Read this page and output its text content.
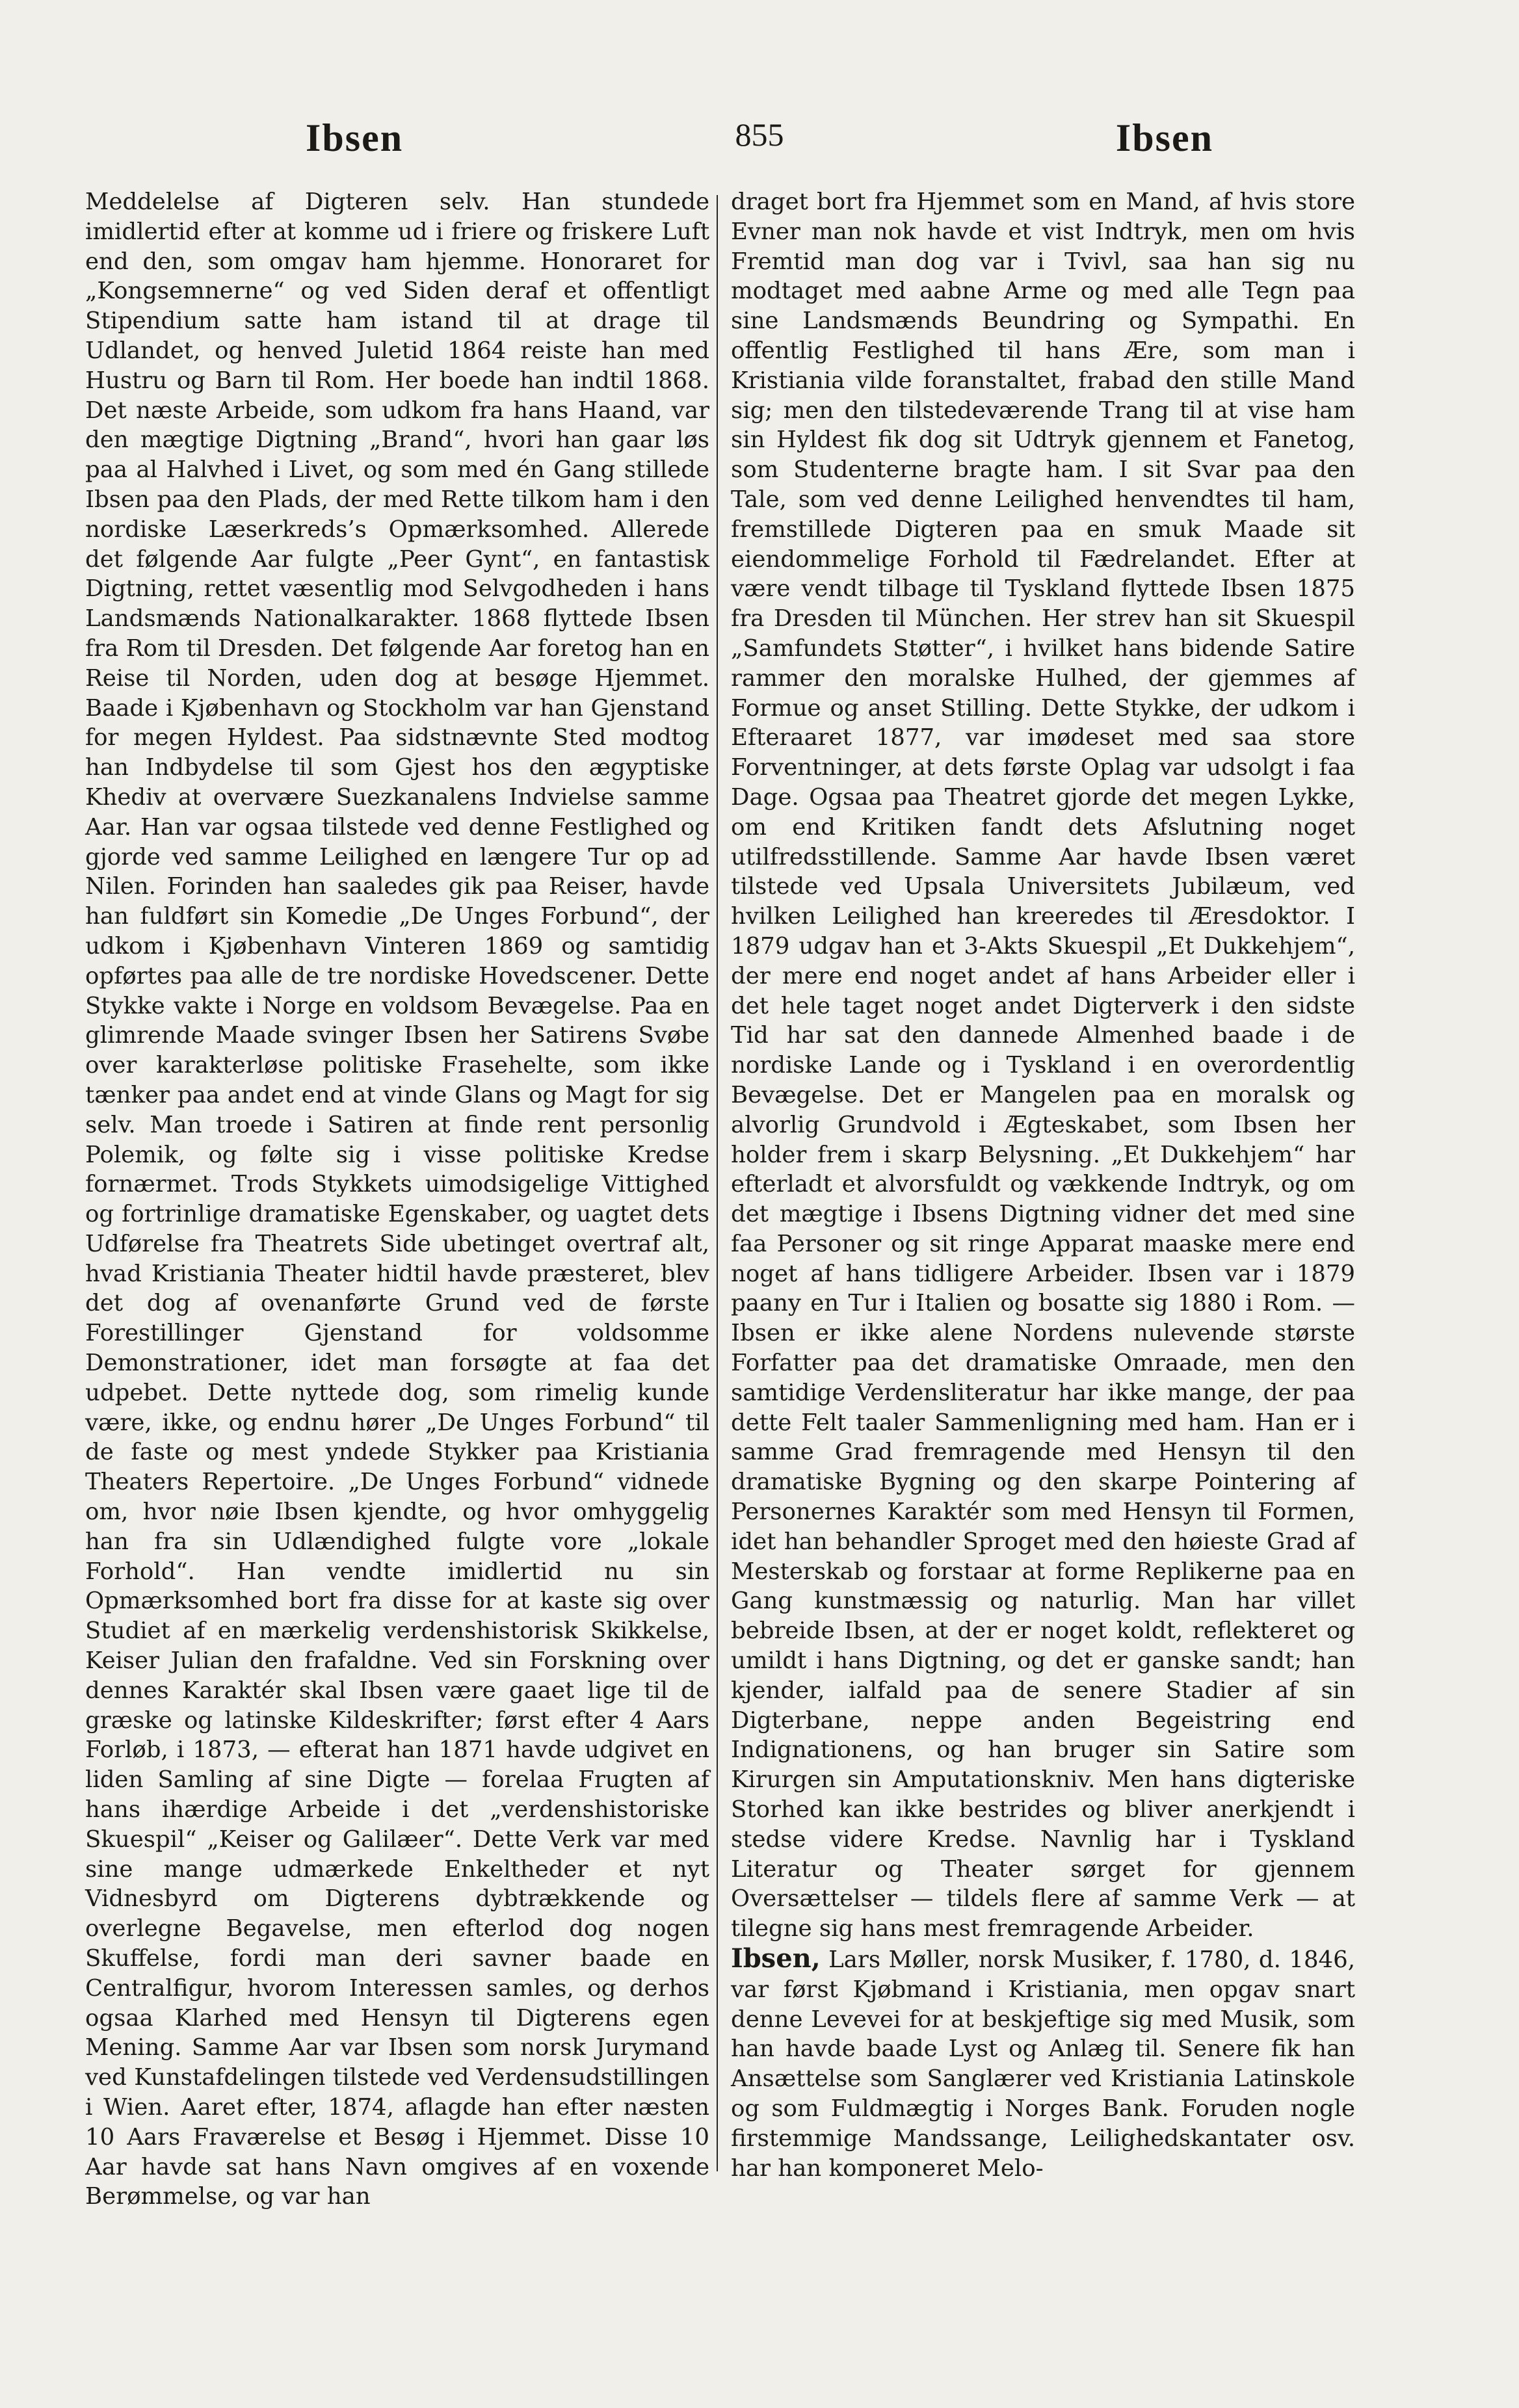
Ibsen	855	Ibsen

Meddelelse af Digteren selv. Han stundede imidlertid efter at komme ud i friere og friskere Luft end den, som omgav ham hjemme. Honoraret for „Kongsemnerne“ og ved Siden deraf et offentligt Stipendium satte ham istand til at drage til Udlandet, og henved Juletid 1864 reiste han med Hustru og Barn til Rom. Her boede han indtil 1868. Det næste Arbeide, som udkom fra hans Haand, var den mægtige Digtning „Brand“, hvori han gaar løs paa al Halvhed i Livet, og som med én Gang stillede Ibsen paa den Plads, der med Rette tilkom ham i den nordiske Læserkreds’s Opmærksomhed. Allerede det følgende Aar fulgte „Peer Gynt“, en fantastisk Digtning, rettet væsentlig mod Selvgodheden i hans Landsmænds Nationalkarakter. 1868 flyttede Ibsen fra Rom til Dresden. Det følgende Aar foretog han en Reise til Norden, uden dog at besøge Hjemmet. Baade i Kjøbenhavn og Stockholm var han Gjenstand for megen Hyldest. Paa sidstnævnte Sted modtog han Indbydelse til som Gjest hos den ægyptiske Khediv at overvære Suezkanalens Indvielse samme Aar. Han var ogsaa tilstede ved denne Festlighed og gjorde ved samme Leilighed en længere Tur op ad Nilen. Forinden han saaledes gik paa Reiser, havde han fuldført sin Komedie „De Unges Forbund“, der udkom i Kjøbenhavn Vinteren 1869 og samtidig opførtes paa alle de tre nordiske Hovedscener. Dette Stykke vakte i Norge en voldsom Bevægelse. Paa en glimrende Maade svinger Ibsen her Satirens Svøbe over karakterløse politiske Frasehelte, som ikke tænker paa andet end at vinde Glans og Magt for sig selv. Man troede i Satiren at finde rent personlig Polemik, og følte sig i visse politiske Kredse fornærmet. Trods Stykkets uimodsigelige Vittighed og fortrinlige dramatiske Egenskaber, og uagtet dets Udførelse fra Theatrets Side ubetinget overtraf alt, hvad Kristiania Theater hidtil havde præsteret, blev det dog af ovenanførte Grund ved de første Forestillinger Gjenstand for voldsomme Demonstrationer, idet man forsøgte at faa det udpebet. Dette nyttede dog, som rimelig kunde være, ikke, og endnu hører „De Unges Forbund“ til de faste og mest yndede Stykker paa Kristiania Theaters Repertoire. „De Unges Forbund“ vidnede om, hvor nøie Ibsen kjendte, og hvor omhyggelig han fra sin Udlændighed fulgte vore „lokale Forhold“. Han vendte imidlertid nu sin Opmærksomhed bort fra disse for at kaste sig over Studiet af en mærkelig verdenshistorisk Skikkelse, Keiser Julian den frafaldne. Ved sin Forskning over dennes Karaktér skal Ibsen være gaaet lige til de græske og latinske Kildeskrifter; først efter 4 Aars Forløb, i 1873, — efterat han 1871 havde udgivet en liden Samling af sine Digte — forelaa Frugten af hans ihærdige Arbeide i det „verdenshistoriske Skuespil“ „Keiser og Galilæer“. Dette Verk var med sine mange udmærkede Enkeltheder et nyt Vidnesbyrd om Digterens dybtrækkende og overlegne Begavelse, men efterlod dog nogen Skuffelse, fordi man deri savner baade en Centralfigur, hvorom Interessen samles, og derhos ogsaa Klarhed med Hensyn til Digterens egen Mening. Samme Aar var Ibsen som norsk Jurymand ved Kunstafdelingen tilstede ved Verdensudstillingen i Wien. Aaret efter, 1874, aflagde han efter næsten 10 Aars Fraværelse et Besøg i Hjemmet. Disse 10 Aar havde sat hans Navn omgives af en voxende Berømmelse, og var han

draget bort fra Hjemmet som en Mand, af hvis store Evner man nok havde et vist Indtryk, men om hvis Fremtid man dog var i Tvivl, saa han sig nu modtaget med aabne Arme og med alle Tegn paa sine Landsmænds Beundring og Sympathi. En offentlig Festlighed til hans Ære, som man i Kristiania vilde foranstaltet, frabad den stille Mand sig; men den tilstedeværende Trang til at vise ham sin Hyldest fik dog sit Udtryk gjennem et Fanetog, som Studenterne bragte ham. I sit Svar paa den Tale, som ved denne Leilighed henvendtes til ham, fremstillede Digteren paa en smuk Maade sit eiendommelige Forhold til Fædrelandet. Efter at være vendt tilbage til Tyskland flyttede Ibsen 1875 fra Dresden til München. Her strev han sit Skuespil „Samfundets Støtter“, i hvilket hans bidende Satire rammer den moralske Hulhed, der gjemmes af Formue og anset Stilling. Dette Stykke, der udkom i Efteraaret 1877, var imødeset med saa store Forventninger, at dets første Oplag var udsolgt i faa Dage. Ogsaa paa Theatret gjorde det megen Lykke, om end Kritiken fandt dets Afslutning noget utilfredsstillende. Samme Aar havde Ibsen været tilstede ved Upsala Universitets Jubilæum, ved hvilken Leilighed han kreeredes til Æresdoktor. I 1879 udgav han et 3-Akts Skuespil „Et Dukkehjem“, der mere end noget andet af hans Arbeider eller i det hele taget noget andet Digterverk i den sidste Tid har sat den dannede Almenhed baade i de nordiske Lande og i Tyskland i en overordentlig Bevægelse. Det er Mangelen paa en moralsk og alvorlig Grundvold i Ægteskabet, som Ibsen her holder frem i skarp Belysning. „Et Dukkehjem“ har efterladt et alvorsfuldt og vækkende Indtryk, og om det mægtige i Ibsens Digtning vidner det med sine faa Personer og sit ringe Apparat maaske mere end noget af hans tidligere Arbeider. Ibsen var i 1879 paany en Tur i Italien og bosatte sig 1880 i Rom. — Ibsen er ikke alene Nordens nulevende største Forfatter paa det dramatiske Omraade, men den samtidige Verdensliteratur har ikke mange, der paa dette Felt taaler Sammenligning med ham. Han er i samme Grad fremragende med Hensyn til den dramatiske Bygning og den skarpe Pointering af Personernes Karaktér som med Hensyn til Formen, idet han behandler Sproget med den høieste Grad af Mesterskab og forstaar at forme Replikerne paa en Gang kunstmæssig og naturlig. Man har villet bebreide Ibsen, at der er noget koldt, reflekteret og umildt i hans Digtning, og det er ganske sandt; han kjender, ialfald paa de senere Stadier af sin Digterbane, neppe anden Begeistring end Indignationens, og han bruger sin Satire som Kirurgen sin Amputationskniv. Men hans digteriske Storhed kan ikke bestrides og bliver anerkjendt i stedse videre Kredse. Navnlig har i Tyskland Literatur og Theater sørget for gjennem Oversættelser — tildels flere af samme Verk — at tilegne sig hans mest fremragende Arbeider.

Ibsen, Lars Møller, norsk Musiker, f. 1780, d. 1846, var først Kjøbmand i Kristiania, men opgav snart denne Levevei for at beskjeftige sig med Musik, som han havde baade Lyst og Anlæg til. Senere fik han Ansættelse som Sanglærer ved Kristiania Latinskole og som Fuldmægtig i Norges Bank. Foruden nogle firstemmige Mandssange, Leilighedskantater osv. har han komponeret Melo-
